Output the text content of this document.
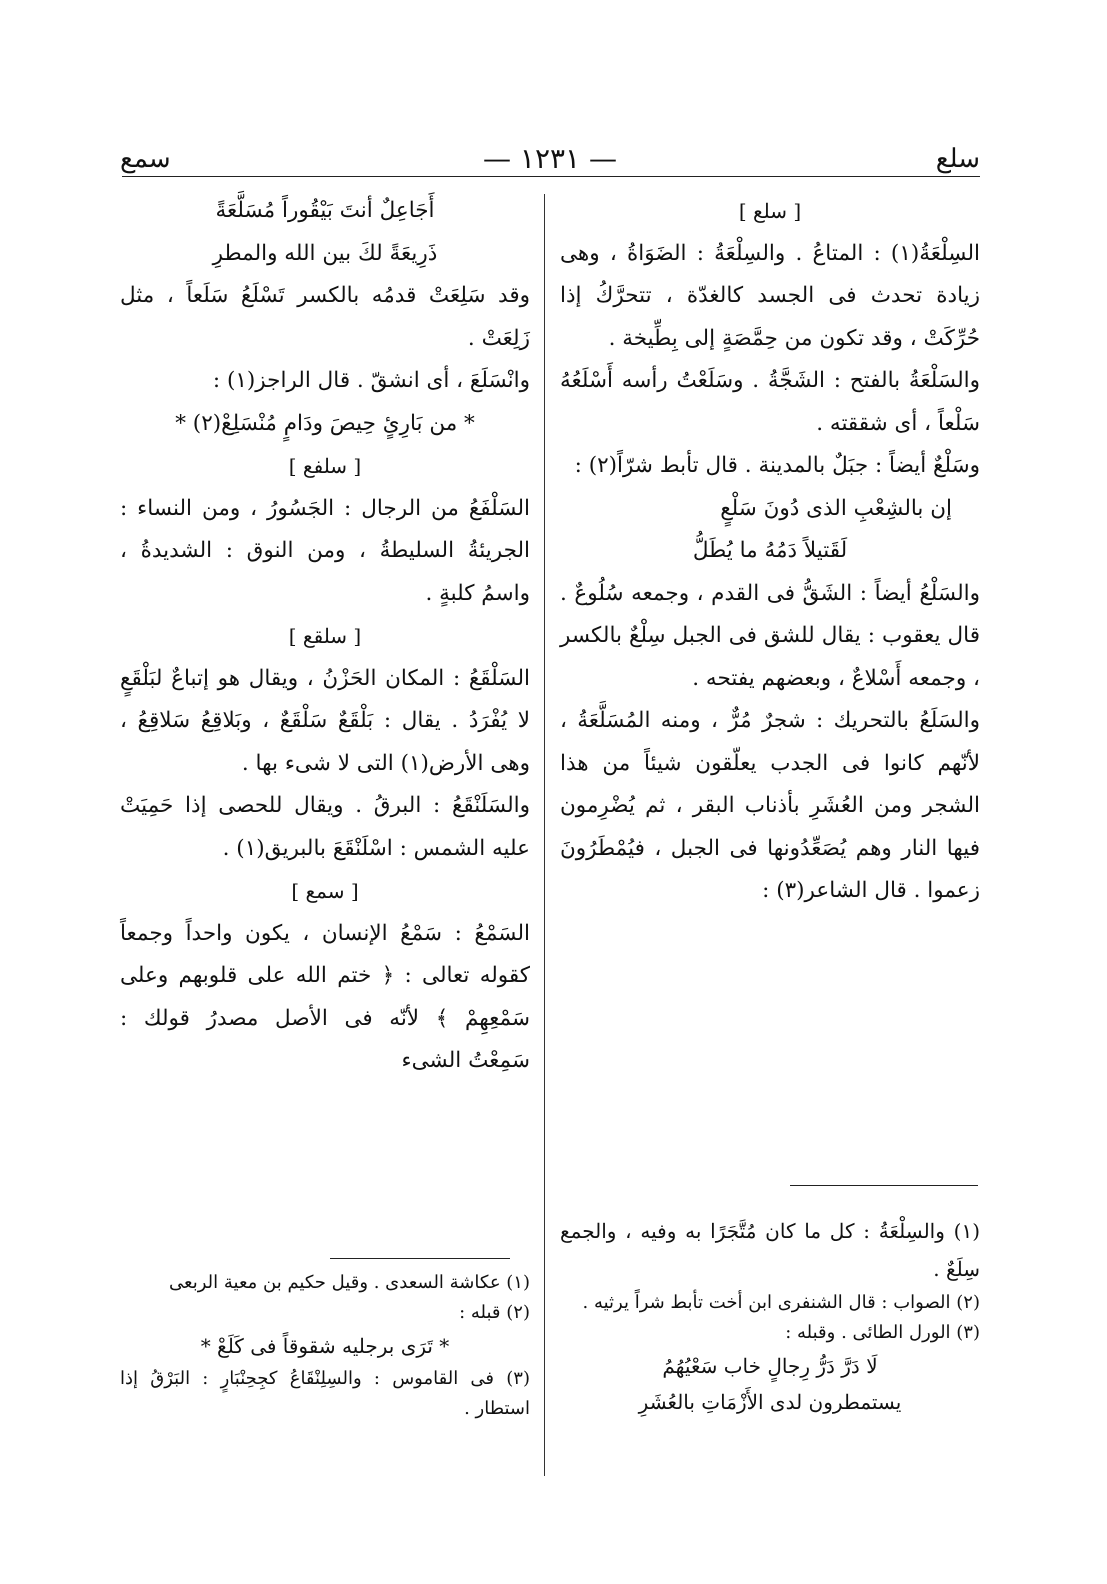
سلع
— ١٢٣١ —
سمع

[ سلع ]

السِلْعَةُ(١) : المتاعُ . والسِلْعَةُ : الضَوَاةُ ، وهى زيادة تحدث فى الجسد كالغدّة ، تتحرَّكُ إذا حُرِّكَتْ ، وقد تكون من حِمَّصَةٍ إلى بِطِّيخة .

والسَلْعَةُ بالفتح : الشَجَّةُ . وسَلَعْتُ رأسه أَسْلَعُهُ سَلْعاً ، أى شققته .

وسَلْعٌ أيضاً : جبَلٌ بالمدينة . قال تأبط شرّاً(٢) :

إن بالشِعْبِ الذى دُونَ سَلْعٍ

لَقَتيلاً دَمُهُ ما يُطَلُّ

والسَلْعُ أيضاً : الشَقُّ فى القدم ، وجمعه سُلُوعٌ . قال يعقوب : يقال للشق فى الجبل سِلْعٌ بالكسر ، وجمعه أَسْلاعٌ ، وبعضهم يفتحه .

والسَلَعُ بالتحريك : شجرٌ مُرٌّ ، ومنه المُسَلَّعَةُ ، لأنّهم كانوا فى الجدب يعلّقون شيئاً من هذا الشجر ومن العُشَرِ بأذناب البقر ، ثم يُضْرِمون فيها النار وهم يُصَعِّدُونها فى الجبل ، فيُمْطَرُونَ زعموا . قال الشاعر(٣) :

أَجَاعِلٌ أنتَ بَيْقُوراً مُسَلَّعَةً

ذَرِيعَةً لكَ بين الله والمطرِ

وقد سَلِعَتْ قدمُه بالكسر تَسْلَعُ سَلَعاً ، مثل زَلِعَتْ .

وانْسَلَعَ ، أى انشقّ . قال الراجز(١) :

* من بَارِئٍ حِيصَ ودَامٍ مُنْسَلِعْ(٢) *

[ سلفع ]

السَلْفَعُ من الرجال : الجَسُورُ ، ومن النساء : الجريئةُ السليطةُ ، ومن النوق : الشديدةُ ، واسمُ كلبةٍ .

[ سلقع ]

السَلْقَعُ : المكان الحَزْنُ ، ويقال هو إتباعٌ لبَلْقَعٍ لا يُفْرَدُ . يقال : بَلْقَعٌ سَلْقَعٌ ، وبَلاقِعُ سَلاقِعُ ، وهى الأرض(١) التى لا شىء بها .

والسَلَنْقَعُ : البرقُ . ويقال للحصى إذا حَمِيَتْ عليه الشمس : اسْلَنْقَعَ بالبريق(١) .

[ سمع ]

السَمْعُ : سَمْعُ الإنسان ، يكون واحداً وجمعاً كقوله تعالى : ﴿ ختم الله على قلوبهم وعلى سَمْعِهِمْ ﴾ لأنّه فى الأصل مصدرُ قولك : سَمِعْتُ الشىء

(١) والسِلْعَةُ : كل ما كان مُتَّجَرًا به وفيه ، والجمع سِلَعٌ .

(٢) الصواب : قال الشنفرى ابن أخت تأبط شراً يرثيه .

(٣) الورل الطائى . وقبله :

لَا دَرَّ دَرُّ رِجالٍ خاب سَعْيُهُمُ

يستمطرون لدى الأَزْمَاتِ بالعُشَرِ

(١) عكاشة السعدى . وقيل حكيم بن معية الربعى

(٢) قبله :

* تَرَى برجليه شقوقاً فى كَلَعْ *

(٣) فى القاموس : والسِلِنْقَاعُ كجِحِنْبَارٍ : البَرْقُ إذا استطار .
